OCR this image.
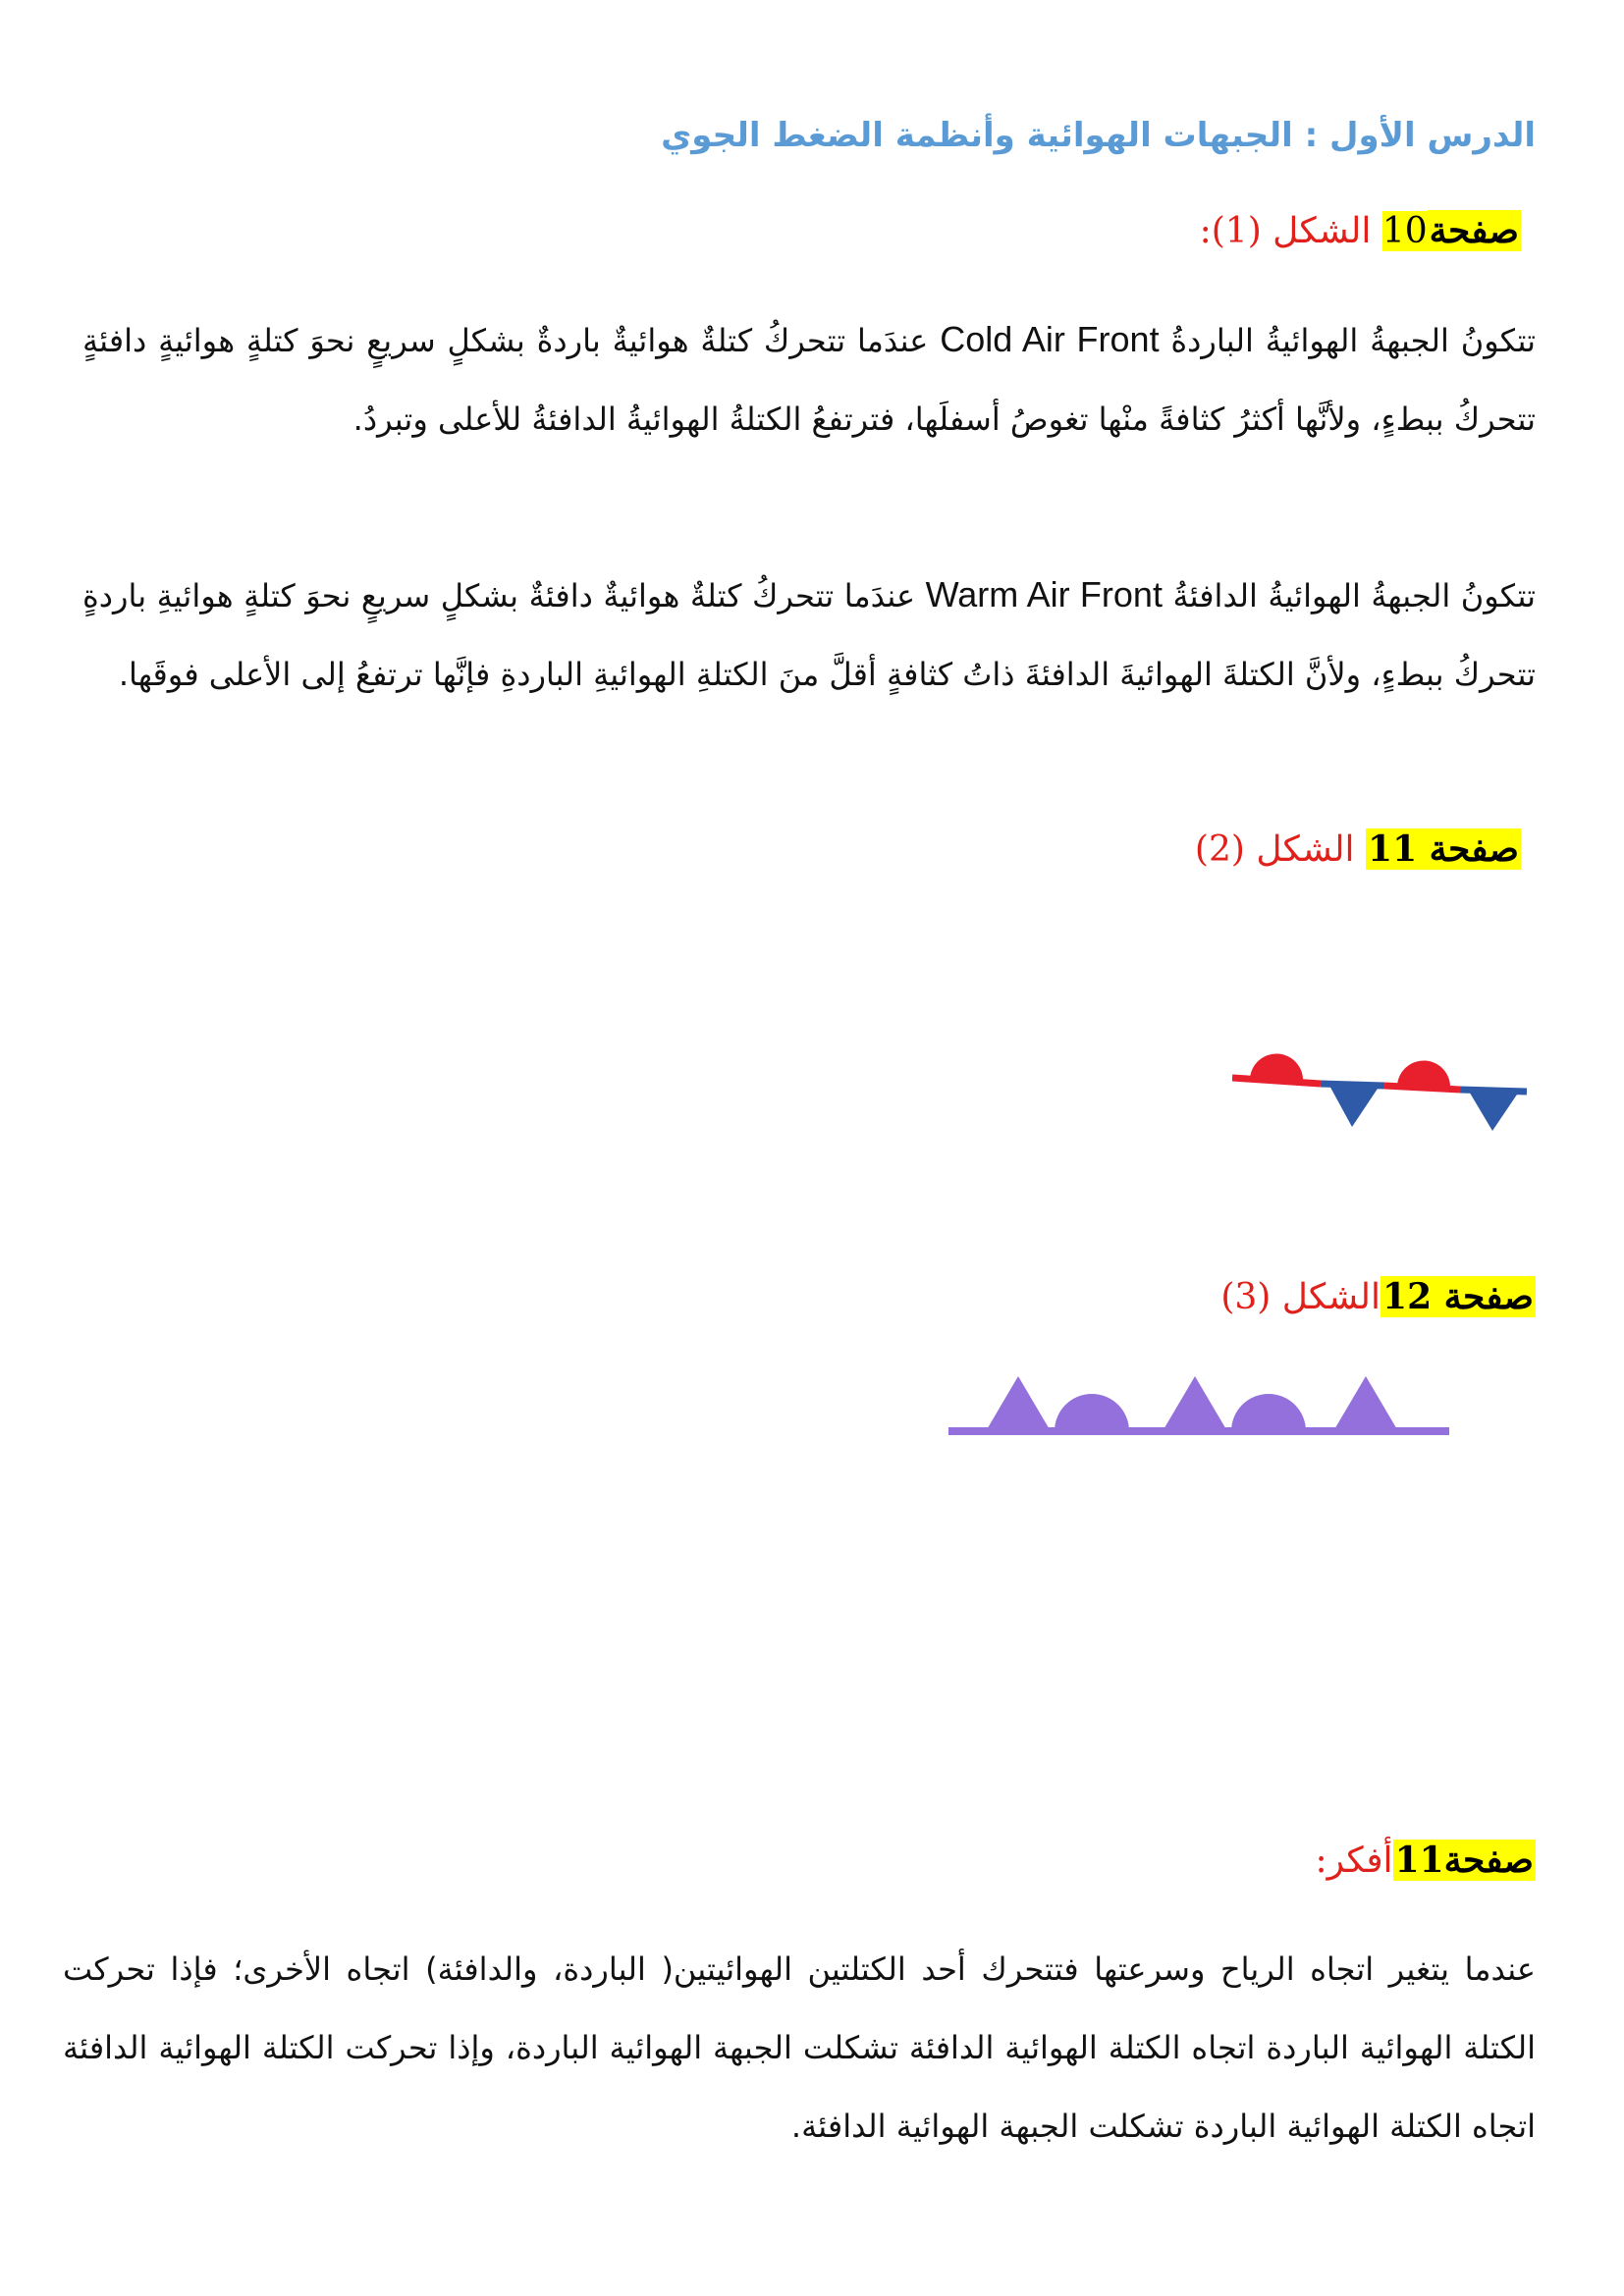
الدرس الأول : الجبهات الهوائية وأنظمة الضغط الجوي
صفحة10 الشكل (1):
تتكونُ الجبهةُ الهوائيةُ الباردةُ Cold Air Front عندَما تتحركُ كتلةٌ هوائيةٌ باردةٌ بشكلٍ سريعٍ نحوَ كتلةٍ هوائيةٍ دافئةٍ تتحركُ ببطءٍ، ولأنَّها أكثرُ كثافةً منْها تغوصُ أسفلَها، فترتفعُ الكتلةُ الهوائيةُ الدافئةُ للأعلى وتبردُ.
تتكونُ الجبهةُ الهوائيةُ الدافئةُ Warm Air Front عندَما تتحركُ كتلةٌ هوائيةٌ دافئةٌ بشكلٍ سريعٍ نحوَ كتلةٍ هوائيةِ باردةٍ تتحركُ ببطءٍ، ولأنَّ الكتلةَ الهوائيةَ الدافئةَ ذاتُ كثافةٍ أقلَّ منَ الكتلةِ الهوائيةِ الباردةِ فإنَّها ترتفعُ إلى الأعلى فوقَها.
صفحة 11 الشكل (2)
صفحة 12الشكل (3)
صفحة11أفكر:
عندما يتغير اتجاه الرياح وسرعتها فتتحرك أحد الكتلتين الهوائيتين( الباردة، والدافئة) اتجاه الأخرى؛ فإذا تحركت الكتلة الهوائية الباردة اتجاه الكتلة الهوائية الدافئة تشكلت الجبهة الهوائية الباردة، وإذا تحركت الكتلة الهوائية الدافئة اتجاه الكتلة الهوائية الباردة تشكلت الجبهة الهوائية الدافئة.
